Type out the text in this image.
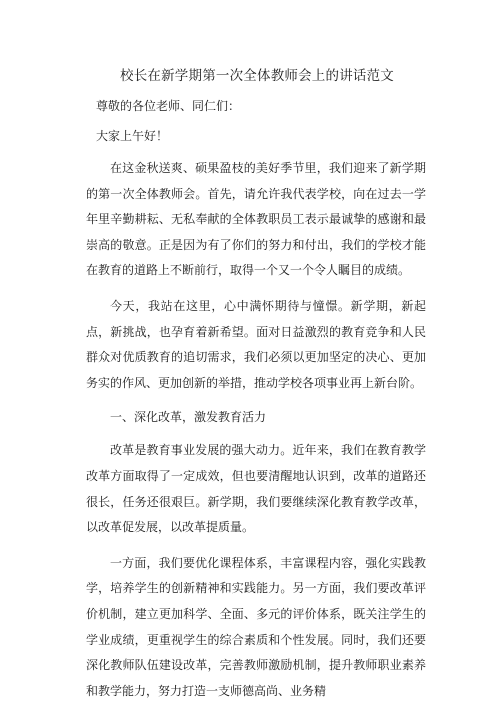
校长在新学期第一次全体教师会上的讲话范文

尊敬的各位老师、同仁们：

大家上午好！

在这金秋送爽、硕果盈枝的美好季节里，我们迎来了新学期的第一次全体教师会。首先，请允许我代表学校，向在过去一学年里辛勤耕耘、无私奉献的全体教职员工表示最诚挚的感谢和最崇高的敬意。正是因为有了你们的努力和付出，我们的学校才能在教育的道路上不断前行，取得一个又一个令人瞩目的成绩。

今天，我站在这里，心中满怀期待与憧憬。新学期，新起点，新挑战，也孕育着新希望。面对日益激烈的教育竞争和人民群众对优质教育的追切需求，我们必须以更加坚定的决心、更加务实的作风、更加创新的举措，推动学校各项事业再上新台阶。

一、深化改革，激发教育活力

改革是教育事业发展的强大动力。近年来，我们在教育教学改革方面取得了一定成效，但也要清醒地认识到，改革的道路还很长，任务还很艰巨。新学期，我们要继续深化教育教学改革，以改革促发展，以改革提质量。

一方面，我们要优化课程体系，丰富课程内容，强化实践教学，培养学生的创新精神和实践能力。另一方面，我们要改革评价机制，建立更加科学、全面、多元的评价体系，既关注学生的学业成绩，更重视学生的综合素质和个性发展。同时，我们还要深化教师队伍建设改革，完善教师激励机制，提升教师职业素养和教学能力，努力打造一支师德高尚、业务精
